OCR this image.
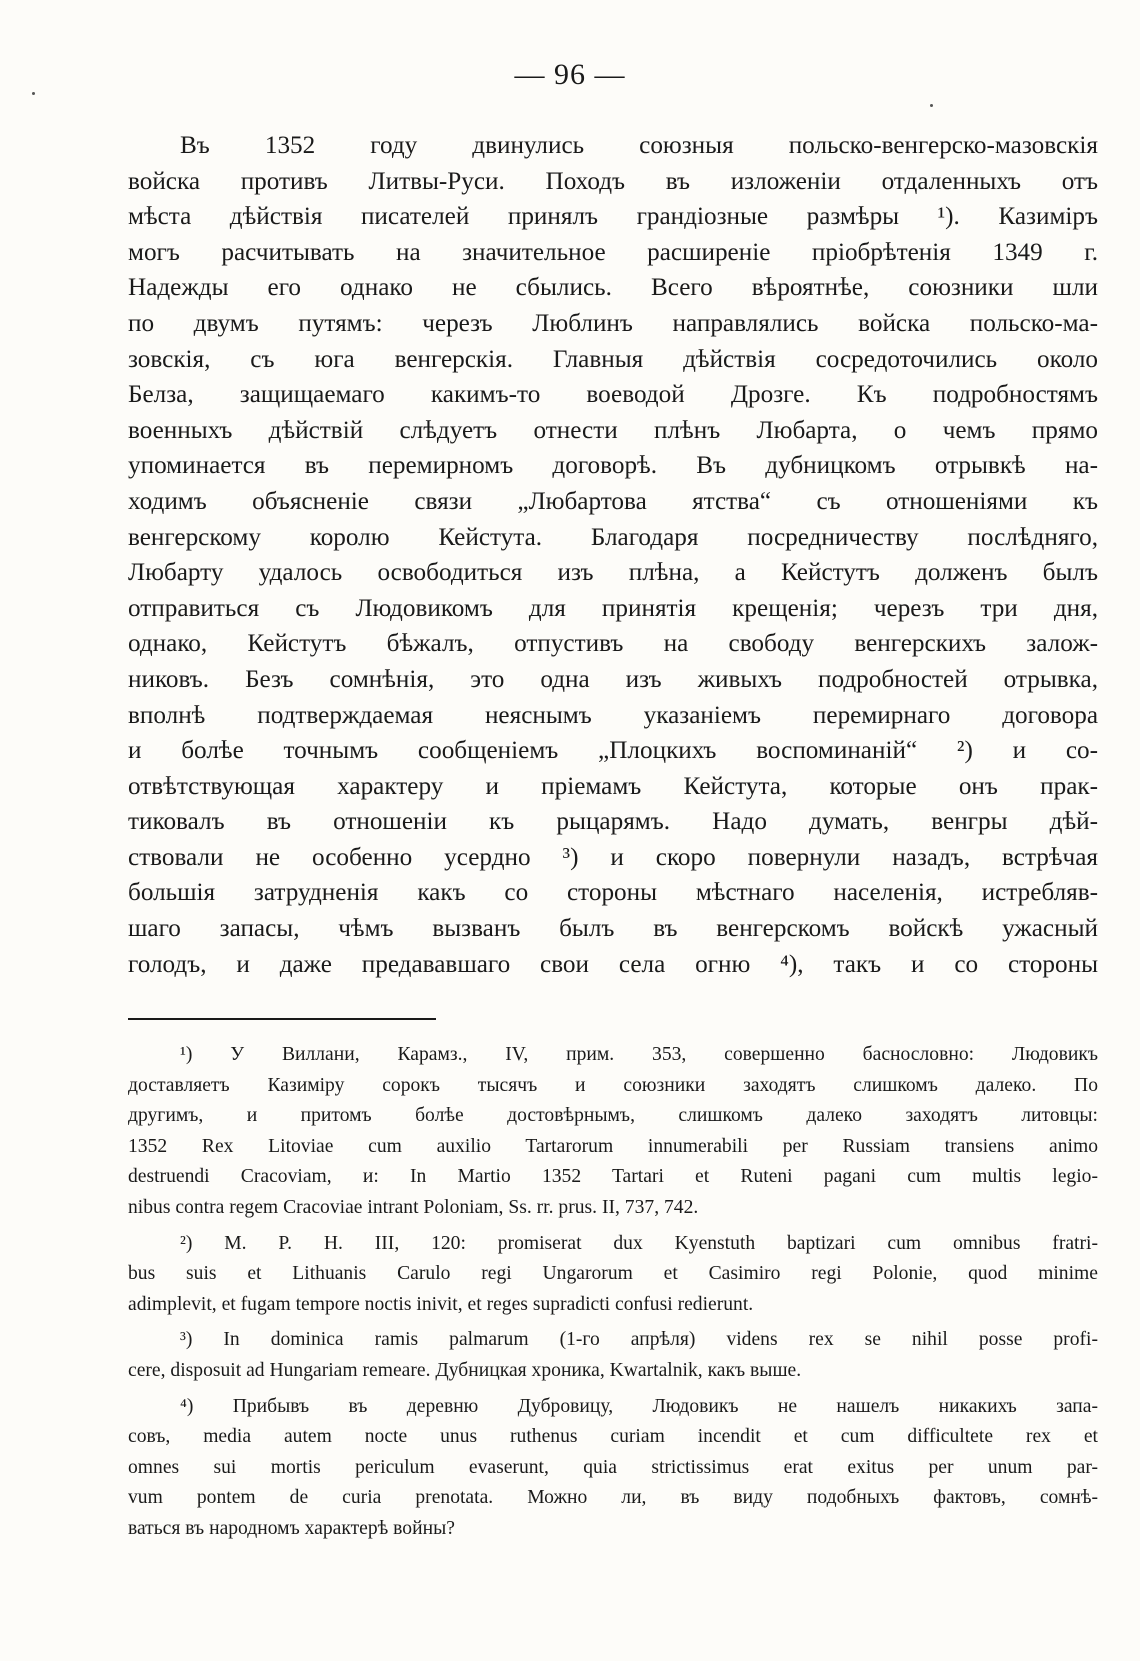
— 96 —
Въ 1352 году двинулись союзныя польско-венгерско-мазовскія
войска противъ Литвы-Руси. Походъ въ изложеніи отдаленныхъ отъ
мѣста дѣйствія писателей принялъ грандіозные размѣры ¹). Казиміръ
могъ расчитывать на значительное расширеніе пріобрѣтенія 1349 г.
Надежды его однако не сбылись. Всего вѣроятнѣе, союзники шли
по двумъ путямъ: черезъ Люблинъ направлялись войска польско-ма-
зовскія, съ юга венгерскія. Главныя дѣйствія сосредоточились около
Белза, защищаемаго какимъ-то воеводой Дрозге. Къ подробностямъ
военныхъ дѣйствій слѣдуетъ отнести плѣнъ Любарта, о чемъ прямо
упоминается въ перемирномъ договорѣ. Въ дубницкомъ отрывкѣ на-
ходимъ объясненіе связи „Любартова ятства“ съ отношеніями къ
венгерскому королю Кейстута. Благодаря посредничеству послѣдняго,
Любарту удалось освободиться изъ плѣна, а Кейстутъ долженъ былъ
отправиться съ Людовикомъ для принятія крещенія; черезъ три дня,
однако, Кейстутъ бѣжалъ, отпустивъ на свободу венгерскихъ залож-
никовъ. Безъ сомнѣнія, это одна изъ живыхъ подробностей отрывка,
вполнѣ подтверждаемая неяснымъ указаніемъ перемирнаго договора
и болѣе точнымъ сообщеніемъ „Плоцкихъ воспоминаній“ ²) и со-
отвѣтствующая характеру и пріемамъ Кейстута, которые онъ прак-
тиковалъ въ отношеніи къ рыцарямъ. Надо думать, венгры дѣй-
ствовали не особенно усердно ³) и скоро повернули назадъ, встрѣчая
большія затрудненія какъ со стороны мѣстнаго населенія, истребляв-
шаго запасы, чѣмъ вызванъ былъ въ венгерскомъ войскѣ ужасный
голодъ, и даже предававшаго свои села огню ⁴), такъ и со стороны
¹) У Виллани, Карамз., IV, прим. 353, совершенно баснословно: Людовикъ
доставляетъ Казиміру сорокъ тысячъ и союзники заходятъ слишкомъ далеко. По
другимъ, и притомъ болѣе достовѣрнымъ, слишкомъ далеко заходятъ литовцы:
1352 Rex Litoviae cum auxilio Tartarorum innumerabili per Russiam transiens animo
destruendi Cracoviam, и: In Martio 1352 Tartari et Ruteni pagani cum multis legio-
nibus contra regem Cracoviae intrant Poloniam, Ss. rr. prus. II, 737, 742.
²) M. P. H. III, 120: promiserat dux Kyenstuth baptizari cum omnibus fratri-
bus suis et Lithuanis Carulo regi Ungarorum et Casimiro regi Polonie, quod minime
adimplevit, et fugam tempore noctis inivit, et reges supradicti confusi redierunt.
³) In dominica ramis palmarum (1-го апрѣля) videns rex se nihil posse profi-
cere, disposuit ad Hungariam remeare. Дубницкая хроника, Kwartalnik, какъ выше.
⁴) Прибывъ въ деревню Дубровицу, Людовикъ не нашелъ никакихъ запа-
совъ, media autem nocte unus ruthenus curiam incendit et cum difficultete rex et
omnes sui mortis periculum evaserunt, quia strictissimus erat exitus per unum par-
vum pontem de curia prenotata. Можно ли, въ виду подобныхъ фактовъ, сомнѣ-
ваться въ народномъ характерѣ войны?
